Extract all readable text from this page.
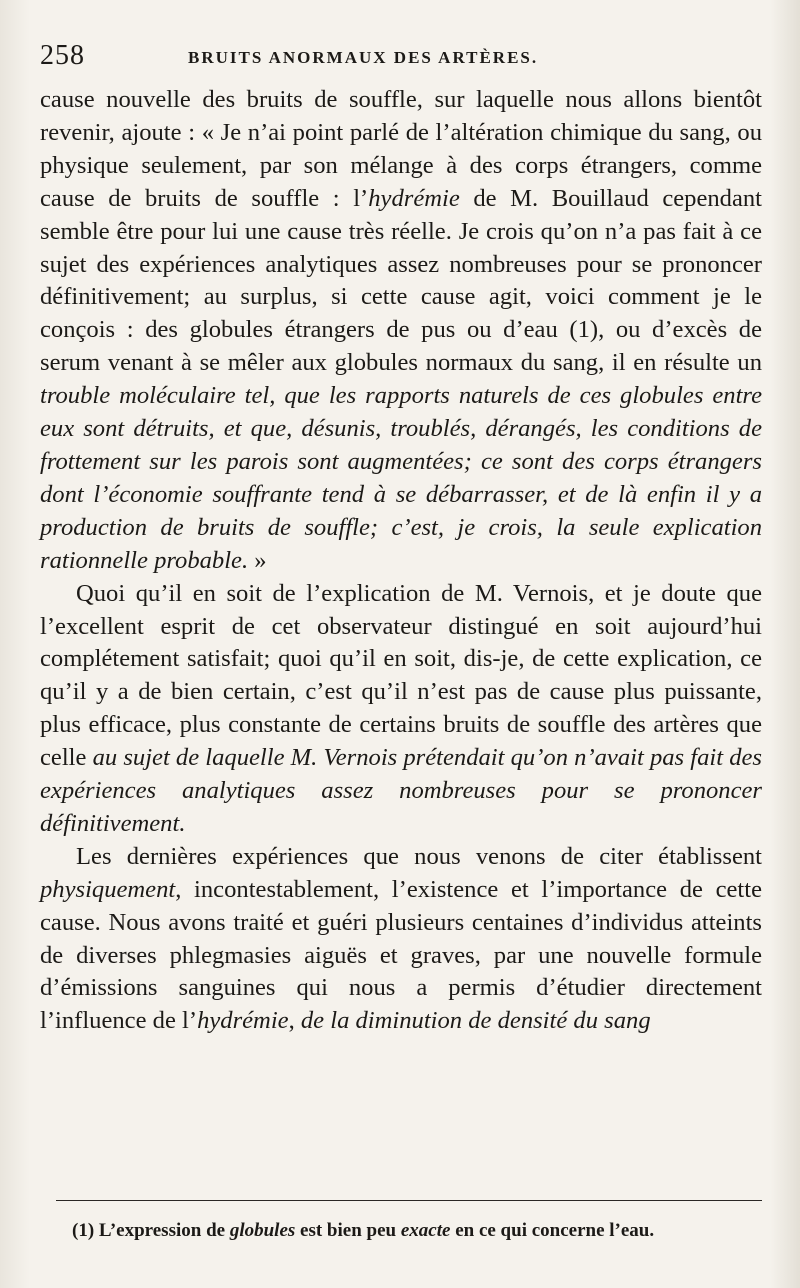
258	BRUITS ANORMAUX DES ARTÈRES.

cause nouvelle des bruits de souffle, sur laquelle nous allons bientôt revenir, ajoute : « Je n’ai point parlé de l’altération chimique du sang, ou physique seulement, par son mélange à des corps étrangers, comme cause de bruits de souffle : l’hydrémie de M. Bouillaud cependant semble être pour lui une cause très réelle. Je crois qu’on n’a pas fait à ce sujet des expériences analytiques assez nombreuses pour se prononcer définitivement; au surplus, si cette cause agit, voici comment je le conçois : des globules étrangers de pus ou d’eau (1), ou d’excès de serum venant à se mêler aux globules normaux du sang, il en résulte un trouble moléculaire tel, que les rapports naturels de ces globules entre eux sont détruits, et que, désunis, troublés, dérangés, les conditions de frottement sur les parois sont augmentées; ce sont des corps étrangers dont l’économie souffrante tend à se débarrasser, et de là enfin il y a production de bruits de souffle; c’est, je crois, la seule explication rationnelle probable. »

Quoi qu’il en soit de l’explication de M. Vernois, et je doute que l’excellent esprit de cet observateur distingué en soit aujourd’hui complétement satisfait; quoi qu’il en soit, dis-je, de cette explication, ce qu’il y a de bien certain, c’est qu’il n’est pas de cause plus puissante, plus efficace, plus constante de certains bruits de souffle des artères que celle au sujet de laquelle M. Vernois prétendait qu’on n’avait pas fait des expériences analytiques assez nombreuses pour se prononcer définitivement.

Les dernières expériences que nous venons de citer établissent physiquement, incontestablement, l’existence et l’importance de cette cause. Nous avons traité et guéri plusieurs centaines d’individus atteints de diverses phlegmasies aiguës et graves, par une nouvelle formule d’émissions sanguines qui nous a permis d’étudier directement l’influence de l’hydrémie, de la diminution de densité du sang

(1) L’expression de globules est bien peu exacte en ce qui concerne l’eau.
